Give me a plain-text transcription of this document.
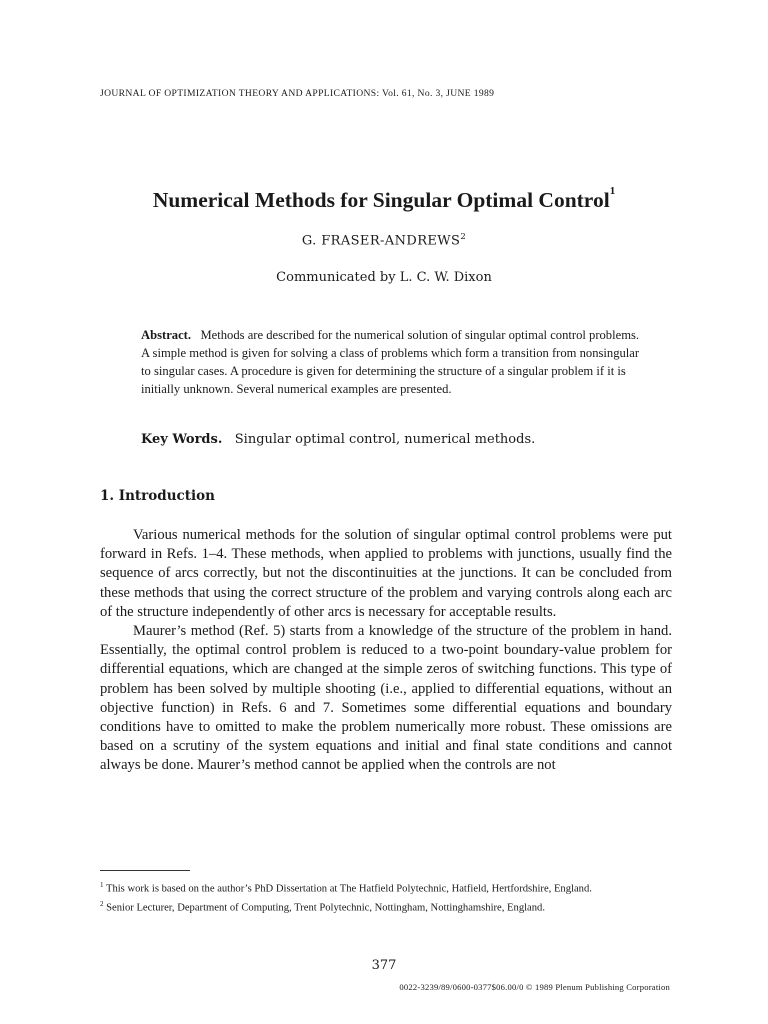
JOURNAL OF OPTIMIZATION THEORY AND APPLICATIONS: Vol. 61, No. 3, JUNE 1989
Numerical Methods for Singular Optimal Control$^1$
G. FRASER-ANDREWS$^2$
Communicated by L. C. W. Dixon
Abstract. Methods are described for the numerical solution of singular optimal control problems. A simple method is given for solving a class of problems which form a transition from nonsingular to singular cases. A procedure is given for determining the structure of a singular problem if it is initially unknown. Several numerical examples are presented.
Key Words. Singular optimal control, numerical methods.
1. Introduction

Various numerical methods for the solution of singular optimal control problems were put forward in Refs. 1–4. These methods, when applied to problems with junctions, usually find the sequence of arcs correctly, but not the discontinuities at the junctions. It can be concluded from these methods that using the correct structure of the problem and varying controls along each arc of the structure independently of other arcs is necessary for acceptable results.

Maurer’s method (Ref. 5) starts from a knowledge of the structure of the problem in hand. Essentially, the optimal control problem is reduced to a two-point boundary-value problem for differential equations, which are changed at the simple zeros of switching functions. This type of problem has been solved by multiple shooting (i.e., applied to differential equations, without an objective function) in Refs. 6 and 7. Sometimes some differential equations and boundary conditions have to omitted to make the problem numerically more robust. These omissions are based on a scrutiny of the system equations and initial and final state conditions and cannot always be done. Maurer’s method cannot be applied when the controls are not

$^1$ This work is based on the author’s PhD Dissertation at The Hatfield Polytechnic, Hatfield, Hertfordshire, England.

$^2$ Senior Lecturer, Department of Computing, Trent Polytechnic, Nottingham, Nottinghamshire, England.

377
0022-3239/89/0600-0377$06.00/0 © 1989 Plenum Publishing Corporation
